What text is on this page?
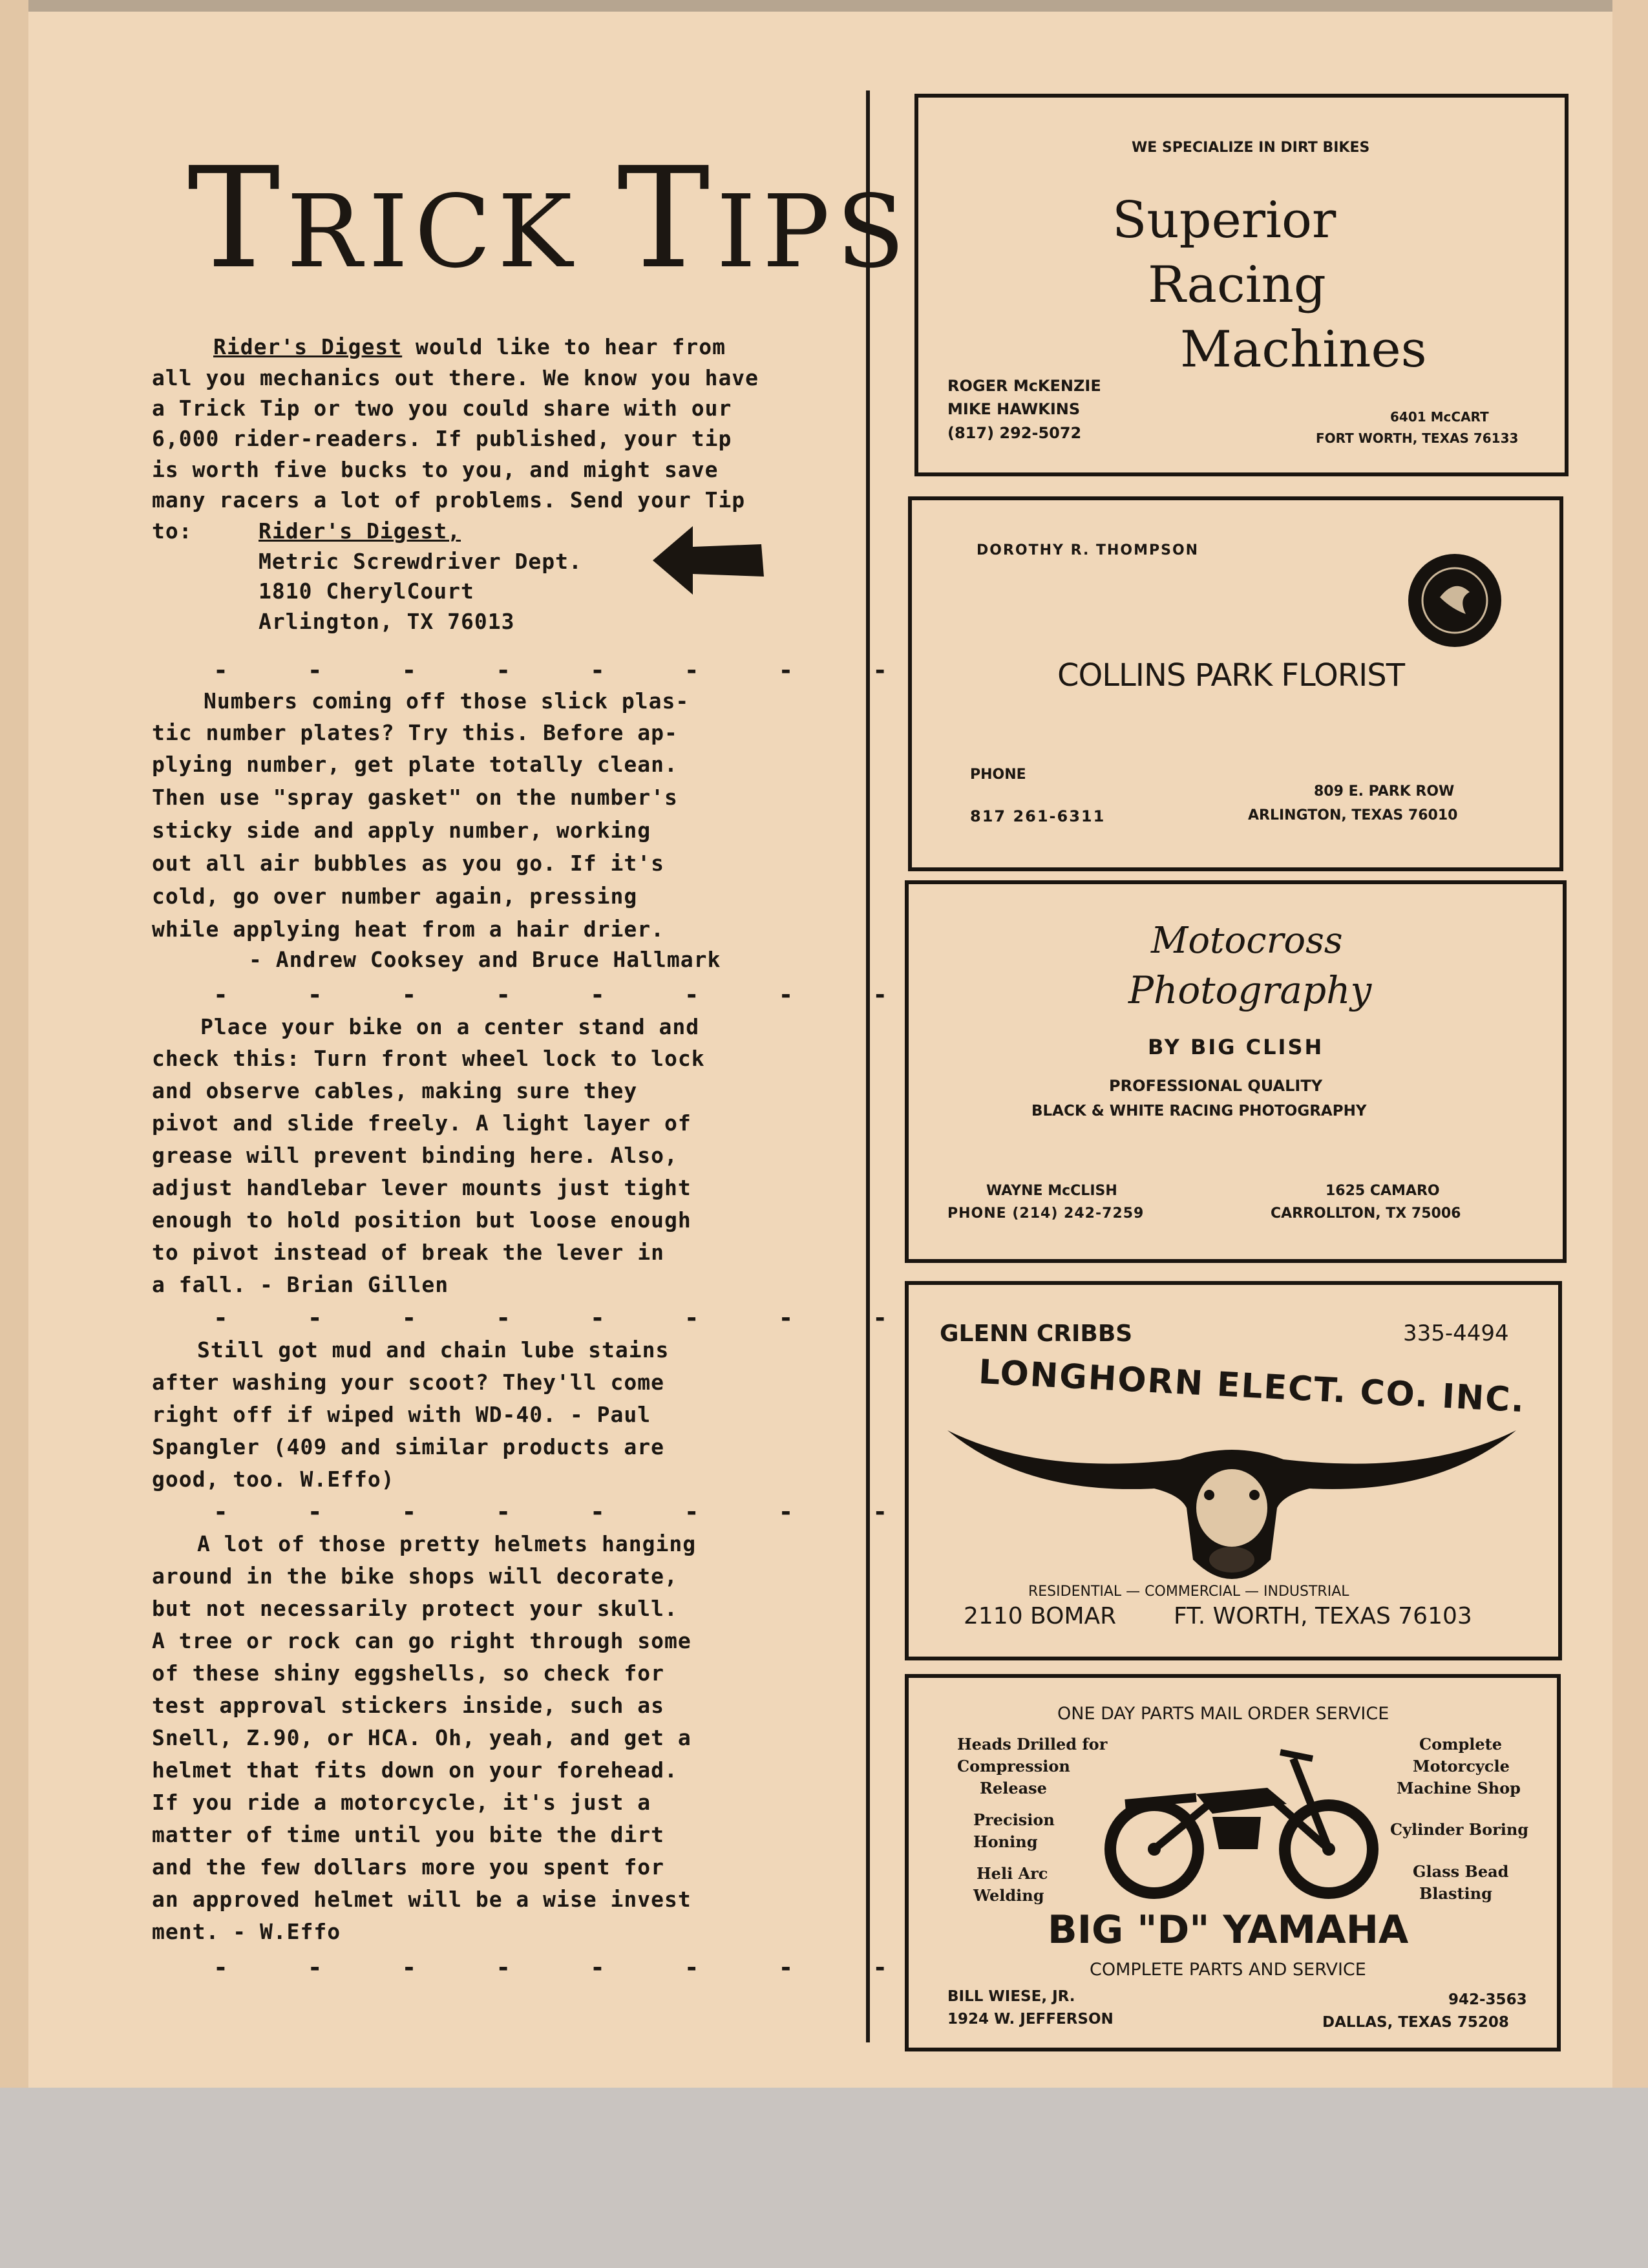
TRICK TIPS
Rider's Digest would like to hear from
all you mechanics out there. We know you have
a Trick Tip or two you could share with our
6,000 rider-readers. If published, your tip
is worth five bucks to you, and might save
many racers a lot of problems. Send your Tip
to:	Rider's Digest,
Metric Screwdriver Dept.
1810 CherylCourt
Arlington, TX 76013
- - - - - - - -
Numbers coming off those slick plas-
tic number plates? Try this. Before ap-
plying number, get plate totally clean.
Then use "spray gasket" on the number's
sticky side and apply number, working
out all air bubbles as you go. If it's
cold, go over number again, pressing
while applying heat from a hair drier.
- Andrew Cooksey and Bruce Hallmark
- - - - - - - -
Place your bike on a center stand and
check this: Turn front wheel lock to lock
and observe cables, making sure they
pivot and slide freely. A light layer of
grease will prevent binding here. Also,
adjust handlebar lever mounts just tight
enough to hold position but loose enough
to pivot instead of break the lever in
a fall. - Brian Gillen
- - - - - - - -
Still got mud and chain lube stains
after washing your scoot? They'll come
right off if wiped with WD-40. - Paul
Spangler (409 and similar products are
good, too. W.Effo)
- - - - - - - -
A lot of those pretty helmets hanging
around in the bike shops will decorate,
but not necessarily protect your skull.
A tree or rock can go right through some
of these shiny eggshells, so check for
test approval stickers inside, such as
Snell, Z.90, or HCA. Oh, yeah, and get a
helmet that fits down on your forehead.
If you ride a motorcycle, it's just a
matter of time until you bite the dirt
and the few dollars more you spent for
an approved helmet will be a wise invest
ment. - W.Effo
- - - - - - - -
WE SPECIALIZE IN DIRT BIKES
Superior
Racing
Machines
ROGER McKENZIE
MIKE HAWKINS
(817) 292-5072
6401 McCART
FORT WORTH, TEXAS 76133
DOROTHY R. THOMPSON
COLLINS PARK FLORIST
PHONE
817 261-6311
809 E. PARK ROW
ARLINGTON, TEXAS 76010
Motocross
Photography
BY BIG CLISH
PROFESSIONAL QUALITY
BLACK & WHITE RACING PHOTOGRAPHY
WAYNE McCLISH
PHONE (214) 242-7259
1625 CAMARO
CARROLLTON, TX 75006
GLENN CRIBBS	335-4494
LONGHORN ELECT. CO. INC.
RESIDENTIAL — COMMERCIAL — INDUSTRIAL
2110 BOMAR FT. WORTH, TEXAS 76103
ONE DAY PARTS MAIL ORDER SERVICE
Heads Drilled for
Compression
Release
Precision
Honing
Heli Arc
Welding
Complete
Motorcycle
Machine Shop
Cylinder Boring
Glass Bead
Blasting
BIG "D" YAMAHA
COMPLETE PARTS AND SERVICE
BILL WIESE, JR.
1924 W. JEFFERSON
942-3563
DALLAS, TEXAS 75208
